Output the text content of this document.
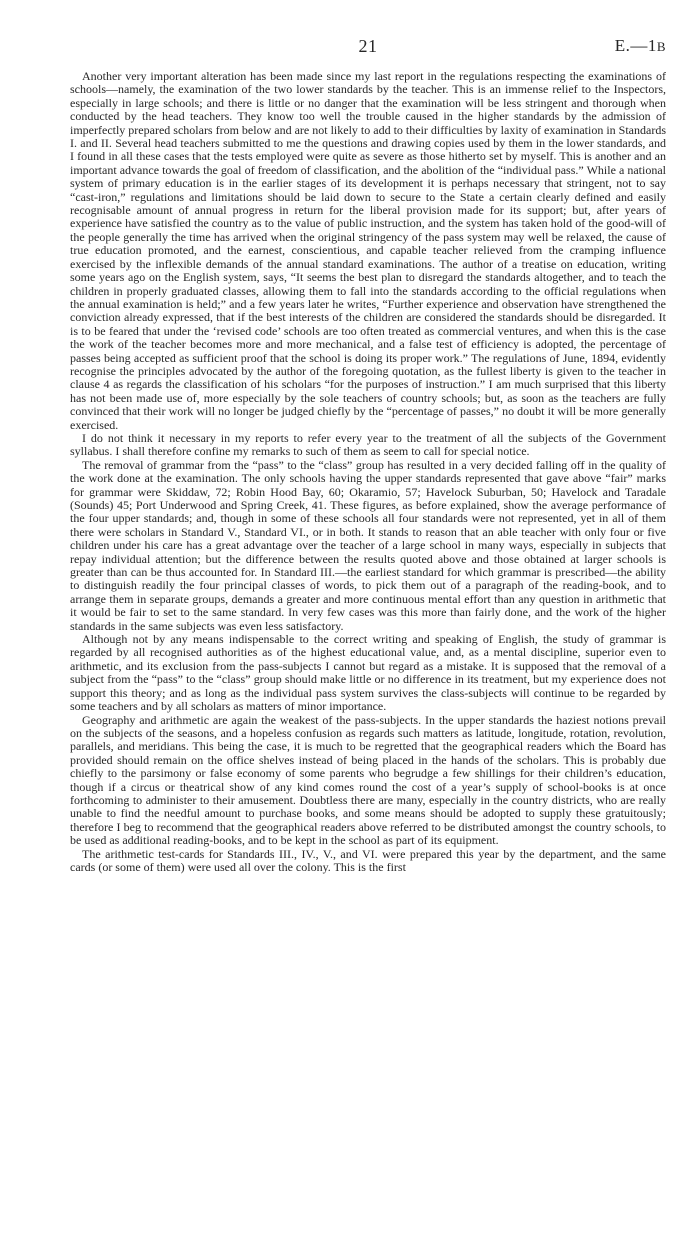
21	E.—1B

Another very important alteration has been made since my last report in the regulations respecting the examinations of schools—namely, the examination of the two lower standards by the teacher. This is an immense relief to the Inspectors, especially in large schools; and there is little or no danger that the examination will be less stringent and thorough when conducted by the head teachers. They know too well the trouble caused in the higher standards by the admission of imperfectly prepared scholars from below and are not likely to add to their difficulties by laxity of examination in Standards I. and II. Several head teachers submitted to me the questions and drawing copies used by them in the lower standards, and I found in all these cases that the tests employed were quite as severe as those hitherto set by myself. This is another and an important advance towards the goal of freedom of classification, and the abolition of the “individual pass.” While a national system of primary education is in the earlier stages of its development it is perhaps necessary that stringent, not to say “cast-iron,” regulations and limitations should be laid down to secure to the State a certain clearly defined and easily recognisable amount of annual progress in return for the liberal provision made for its support; but, after years of experience have satisfied the country as to the value of public instruction, and the system has taken hold of the good-will of the people generally the time has arrived when the original stringency of the pass system may well be relaxed, the cause of true education promoted, and the earnest, conscientious, and capable teacher relieved from the cramping influence exercised by the inflexible demands of the annual standard examinations. The author of a treatise on education, writing some years ago on the English system, says, “It seems the best plan to disregard the standards altogether, and to teach the children in properly graduated classes, allowing them to fall into the standards according to the official regulations when the annual examination is held;” and a few years later he writes, “Further experience and observation have strengthened the conviction already expressed, that if the best interests of the children are considered the standards should be disregarded. It is to be feared that under the ‘revised code’ schools are too often treated as commercial ventures, and when this is the case the work of the teacher becomes more and more mechanical, and a false test of efficiency is adopted, the percentage of passes being accepted as sufficient proof that the school is doing its proper work.” The regulations of June, 1894, evidently recognise the principles advocated by the author of the foregoing quotation, as the fullest liberty is given to the teacher in clause 4 as regards the classification of his scholars “for the purposes of instruction.” I am much surprised that this liberty has not been made use of, more especially by the sole teachers of country schools; but, as soon as the teachers are fully convinced that their work will no longer be judged chiefly by the “percentage of passes,” no doubt it will be more generally exercised.

I do not think it necessary in my reports to refer every year to the treatment of all the subjects of the Government syllabus. I shall therefore confine my remarks to such of them as seem to call for special notice.

The removal of grammar from the “pass” to the “class” group has resulted in a very decided falling off in the quality of the work done at the examination. The only schools having the upper standards represented that gave above “fair” marks for grammar were Skiddaw, 72; Robin Hood Bay, 60; Okaramio, 57; Havelock Suburban, 50; Havelock and Taradale (Sounds) 45; Port Underwood and Spring Creek, 41. These figures, as before explained, show the average performance of the four upper standards; and, though in some of these schools all four standards were not represented, yet in all of them there were scholars in Standard V., Standard VI., or in both. It stands to reason that an able teacher with only four or five children under his care has a great advantage over the teacher of a large school in many ways, especially in subjects that repay individual attention; but the difference between the results quoted above and those obtained at larger schools is greater than can be thus accounted for. In Standard III.—the earliest standard for which grammar is prescribed—the ability to distinguish readily the four principal classes of words, to pick them out of a paragraph of the reading-book, and to arrange them in separate groups, demands a greater and more continuous mental effort than any question in arithmetic that it would be fair to set to the same standard. In very few cases was this more than fairly done, and the work of the higher standards in the same subjects was even less satisfactory.

Although not by any means indispensable to the correct writing and speaking of English, the study of grammar is regarded by all recognised authorities as of the highest educational value, and, as a mental discipline, superior even to arithmetic, and its exclusion from the pass-subjects I cannot but regard as a mistake. It is supposed that the removal of a subject from the “pass” to the “class” group should make little or no difference in its treatment, but my experience does not support this theory; and as long as the individual pass system survives the class-subjects will continue to be regarded by some teachers and by all scholars as matters of minor importance.

Geography and arithmetic are again the weakest of the pass-subjects. In the upper standards the haziest notions prevail on the subjects of the seasons, and a hopeless confusion as regards such matters as latitude, longitude, rotation, revolution, parallels, and meridians. This being the case, it is much to be regretted that the geographical readers which the Board has provided should remain on the office shelves instead of being placed in the hands of the scholars. This is probably due chiefly to the parsimony or false economy of some parents who begrudge a few shillings for their children’s education, though if a circus or theatrical show of any kind comes round the cost of a year’s supply of school-books is at once forthcoming to administer to their amusement. Doubtless there are many, especially in the country districts, who are really unable to find the needful amount to purchase books, and some means should be adopted to supply these gratuitously; therefore I beg to recommend that the geographical readers above referred to be distributed amongst the country schools, to be used as additional reading-books, and to be kept in the school as part of its equipment.

The arithmetic test-cards for Standards III., IV., V., and VI. were prepared this year by the department, and the same cards (or some of them) were used all over the colony. This is the first
